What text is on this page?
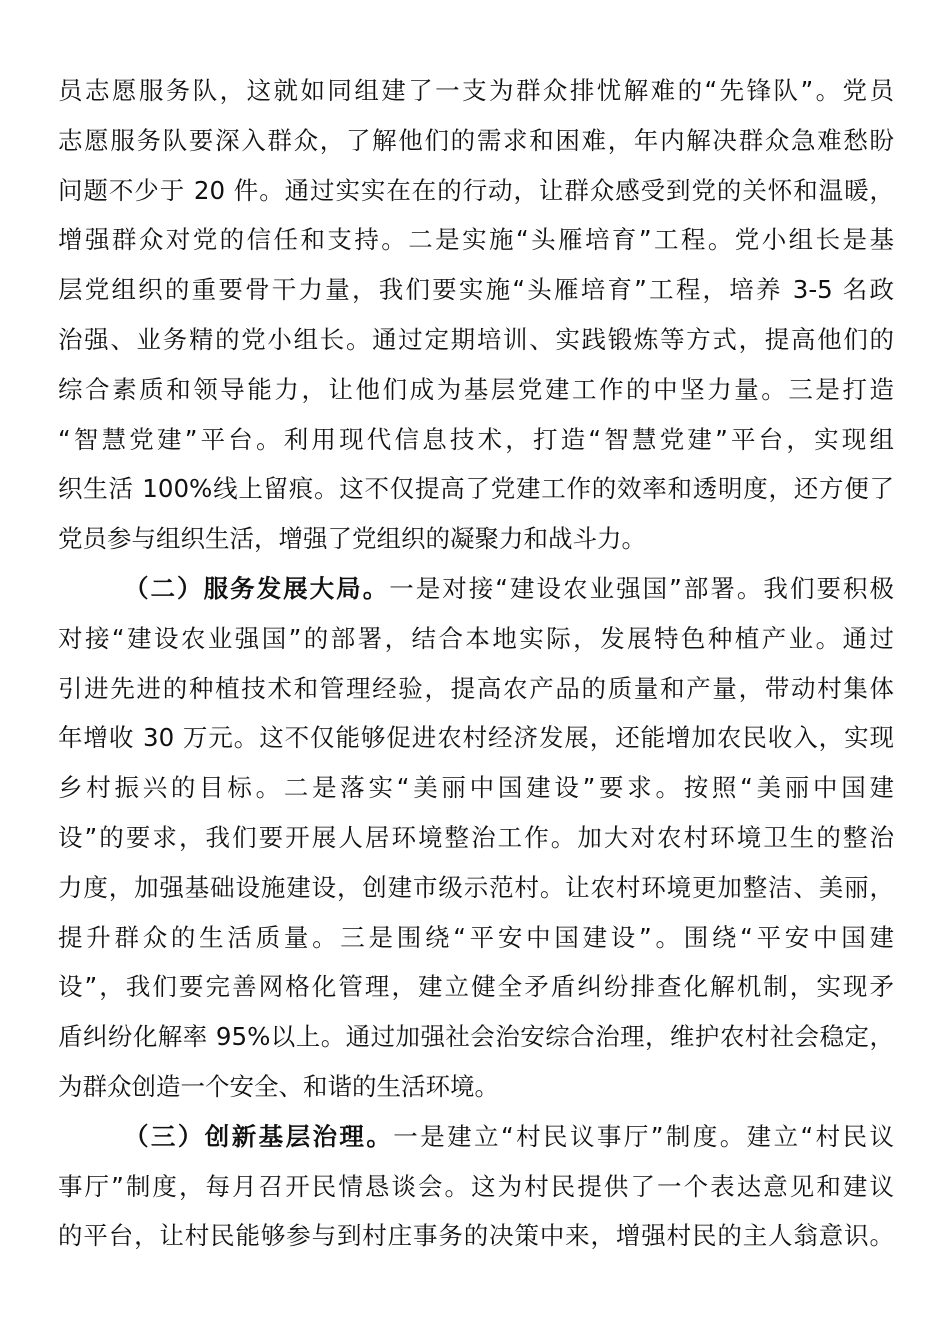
员志愿服务队，这就如同组建了一支为群众排忧解难的“先锋队”。党员
志愿服务队要深入群众，了解他们的需求和困难，年内解决群众急难愁盼
问题不少于 20 件。通过实实在在的行动，让群众感受到党的关怀和温暖，
增强群众对党的信任和支持。二是实施“头雁培育”工程。党小组长是基
层党组织的重要骨干力量，我们要实施“头雁培育”工程，培养 3-5 名政
治强、业务精的党小组长。通过定期培训、实践锻炼等方式，提高他们的
综合素质和领导能力，让他们成为基层党建工作的中坚力量。三是打造
“智慧党建”平台。利用现代信息技术，打造“智慧党建”平台，实现组
织生活 100%线上留痕。这不仅提高了党建工作的效率和透明度，还方便了
党员参与组织生活，增强了党组织的凝聚力和战斗力。
（二）服务发展大局。一是对接“建设农业强国”部署。我们要积极
对接“建设农业强国”的部署，结合本地实际，发展特色种植产业。通过
引进先进的种植技术和管理经验，提高农产品的质量和产量，带动村集体
年增收 30 万元。这不仅能够促进农村经济发展，还能增加农民收入，实现
乡村振兴的目标。二是落实“美丽中国建设”要求。按照“美丽中国建
设”的要求，我们要开展人居环境整治工作。加大对农村环境卫生的整治
力度，加强基础设施建设，创建市级示范村。让农村环境更加整洁、美丽，
提升群众的生活质量。三是围绕“平安中国建设”。围绕“平安中国建
设”，我们要完善网格化管理，建立健全矛盾纠纷排查化解机制，实现矛
盾纠纷化解率 95%以上。通过加强社会治安综合治理，维护农村社会稳定，
为群众创造一个安全、和谐的生活环境。
（三）创新基层治理。一是建立“村民议事厅”制度。建立“村民议
事厅”制度，每月召开民情恳谈会。这为村民提供了一个表达意见和建议
的平台，让村民能够参与到村庄事务的决策中来，增强村民的主人翁意识。
